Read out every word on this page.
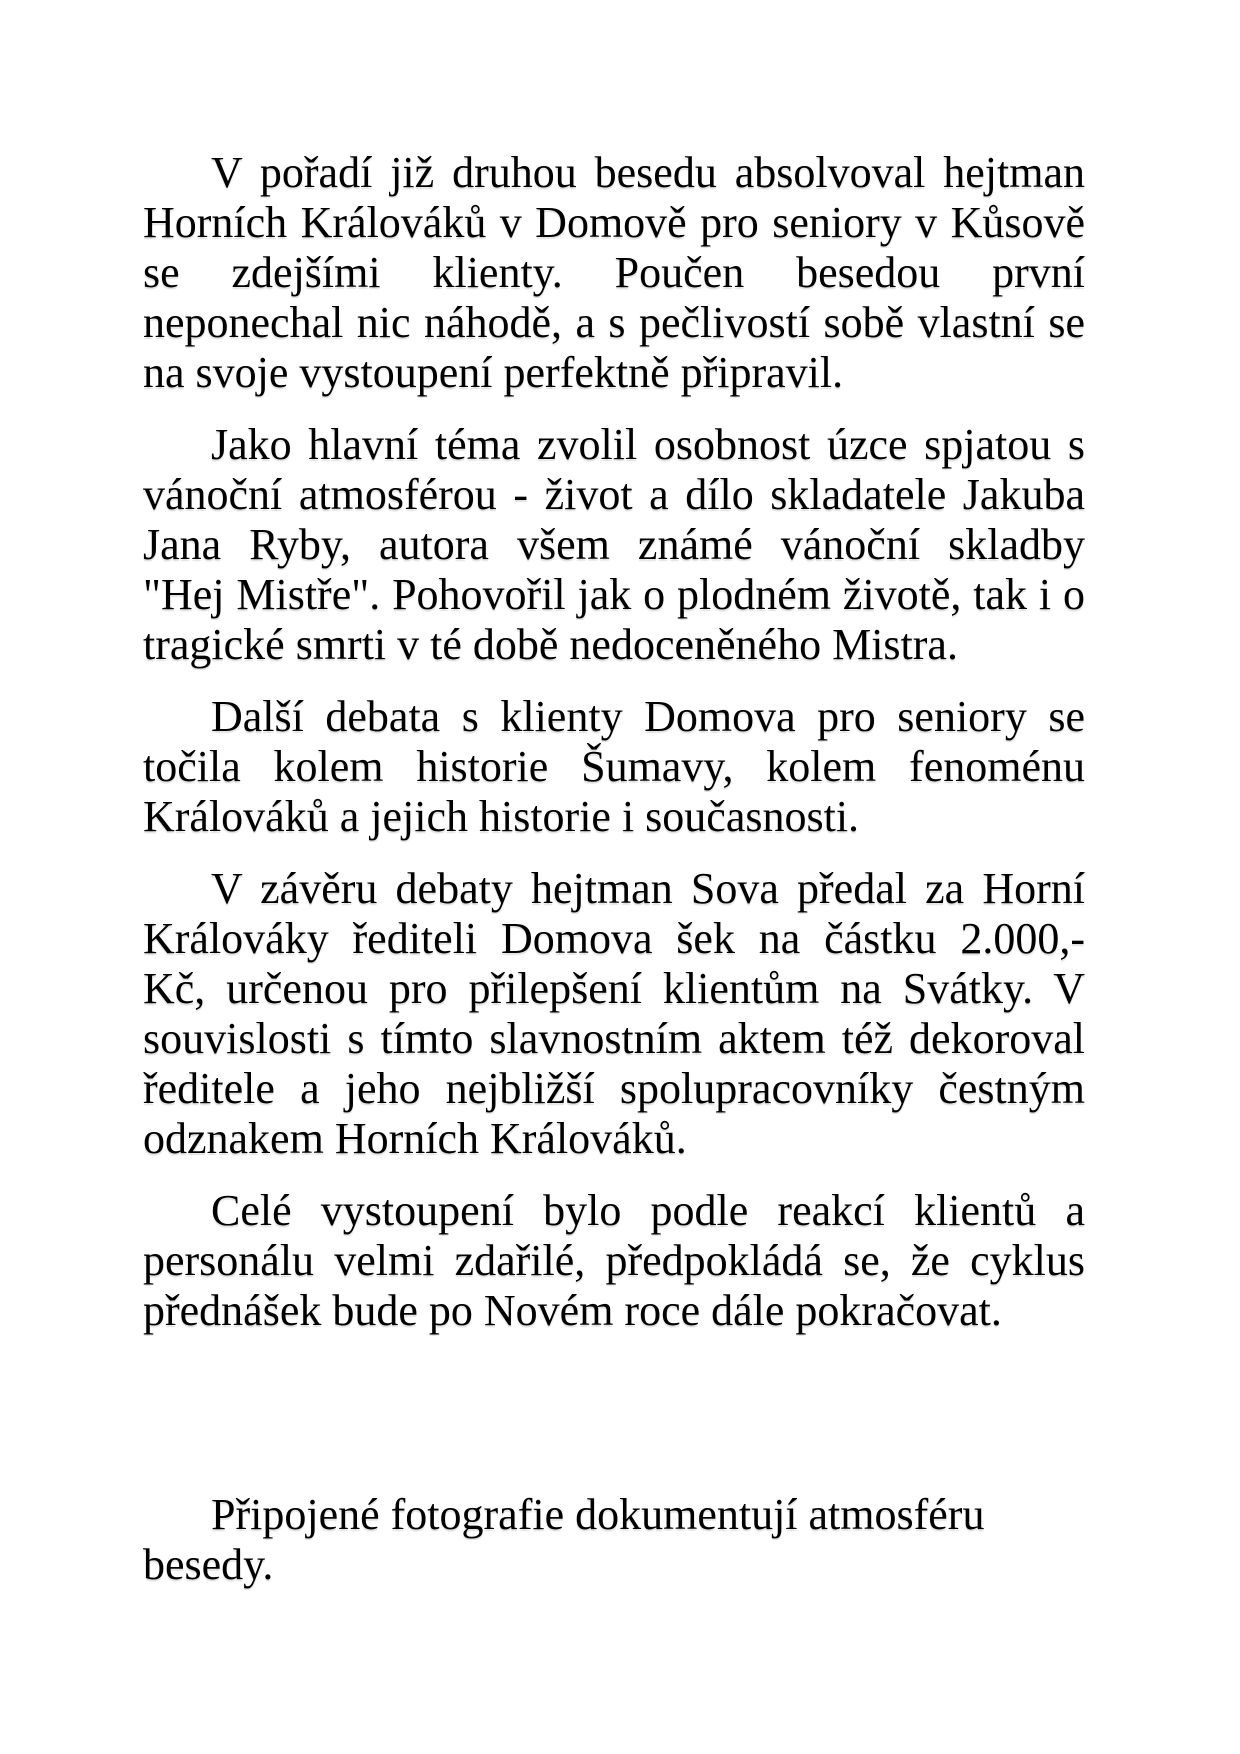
V pořadí již druhou besedu absolvoval hejtman
Horních Králováků v Domově pro seniory v Kůsově
se zdejšími klienty. Poučen besedou první
neponechal nic náhodě, a s pečlivostí sobě vlastní se
na svoje vystoupení perfektně připravil.
Jako hlavní téma zvolil osobnost úzce spjatou s
vánoční atmosférou - život a dílo skladatele Jakuba
Jana Ryby, autora všem známé vánoční skladby
"Hej Mistře". Pohovořil jak o plodném životě, tak i o
tragické smrti v té době nedoceněného Mistra.
Další debata s klienty Domova pro seniory se
točila kolem historie Šumavy, kolem fenoménu
Králováků a jejich historie i současnosti.
V závěru debaty hejtman Sova předal za Horní
Králováky řediteli Domova šek na částku 2.000,-
Kč, určenou pro přilepšení klientům na Svátky. V
souvislosti s tímto slavnostním aktem též dekoroval
ředitele a jeho nejbližší spolupracovníky čestným
odznakem Horních Králováků.
Celé vystoupení bylo podle reakcí klientů a
personálu velmi zdařilé, předpokládá se, že cyklus
přednášek bude po Novém roce dále pokračovat.
Připojené fotografie dokumentují atmosféru
besedy.
